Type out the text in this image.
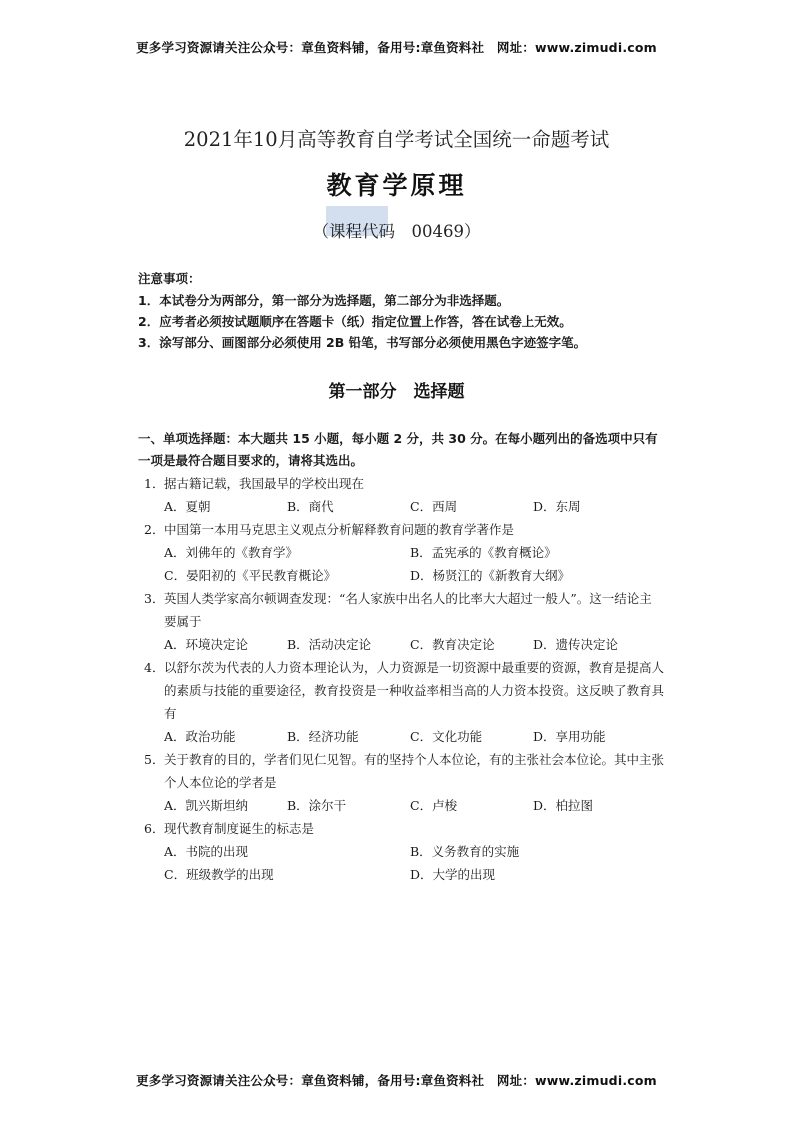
更多学习资源请关注公众号：章鱼资料铺，备用号:章鱼资料社　网址：www.zimudi.com
2021年10月高等教育自学考试全国统一命题考试
教育学原理
（课程代码　00469）
注意事项：
1．本试卷分为两部分，第一部分为选择题，第二部分为非选择题。
2．应考者必须按试题顺序在答题卡（纸）指定位置上作答，答在试卷上无效。
3．涂写部分、画图部分必须使用 2B 铅笔，书写部分必须使用黑色字迹签字笔。
第一部分　选择题
一、单项选择题：本大题共 15 小题，每小题 2 分，共 30 分。在每小题列出的备选项中只有一项是最符合题目要求的，请将其选出。
1． 据古籍记载，我国最早的学校出现在
A．夏朝	B．商代	C．西周	D．东周
2． 中国第一本用马克思主义观点分析解释教育问题的教育学著作是
A．刘佛年的《教育学》	B．孟宪承的《教育概论》
C．晏阳初的《平民教育概论》	D．杨贤江的《新教育大纲》
3． 英国人类学家高尔顿调查发现：“名人家族中出名人的比率大大超过一般人”。这一结论主要属于
A．环境决定论	B．活动决定论	C．教育决定论	D．遗传决定论
4． 以舒尔茨为代表的人力资本理论认为，人力资源是一切资源中最重要的资源，教育是提高人的素质与技能的重要途径，教育投资是一种收益率相当高的人力资本投资。这反映了教育具有
A．政治功能	B．经济功能	C．文化功能	D．享用功能
5． 关于教育的目的，学者们见仁见智。有的坚持个人本位论，有的主张社会本位论。其中主张个人本位论的学者是
A．凯兴斯坦纳	B．涂尔干	C．卢梭	D．柏拉图
6． 现代教育制度诞生的标志是
A．书院的出现	B．义务教育的实施
C．班级教学的出现	D．大学的出现
更多学习资源请关注公众号：章鱼资料铺，备用号:章鱼资料社　网址：www.zimudi.com
